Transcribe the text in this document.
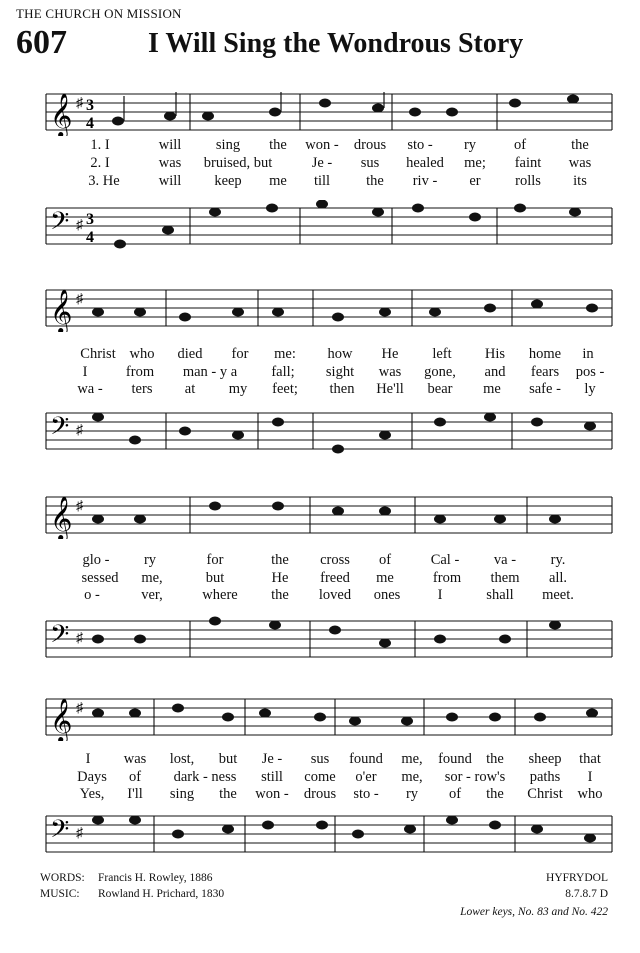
THE CHURCH ON MISSION
607	I Will Sing the Wondrous Story
𝄞 ♯ 3
4
1. I	will sing the won - drous sto - ry	of	the
2. I	was bruised, but	Je - sus healed me; faint was
3. He	will keep me till the riv - er rolls its
𝄢 ♯ 3
4
𝄞 ♯
Christ who died for me: how He left His home in
I	from man - y a fall; sight was gone, and fears pos -
wa - ters at my feet; then He'll bear me safe - ly
𝄢 ♯
𝄞 ♯
glo - ry	for	the cross of	Cal - va - ry.
sessed me,	but	He freed me	from them all.
o -	ver,	where the loved ones	I	shall meet.
𝄢 ♯
𝄞 ♯
I was lost, but Je - sus found me, found the sheep that
Days of dark - ness still come o'er me, sor - row's paths I
Yes, I'll sing the won - drous sto - ry of the Christ who
𝄢 ♯
WORDS: Francis H. Rowley, 1886	HYFRYDOL
MUSIC: Rowland H. Prichard, 1830	8.7.8.7 D
Lower keys, No. 83 and No. 422
